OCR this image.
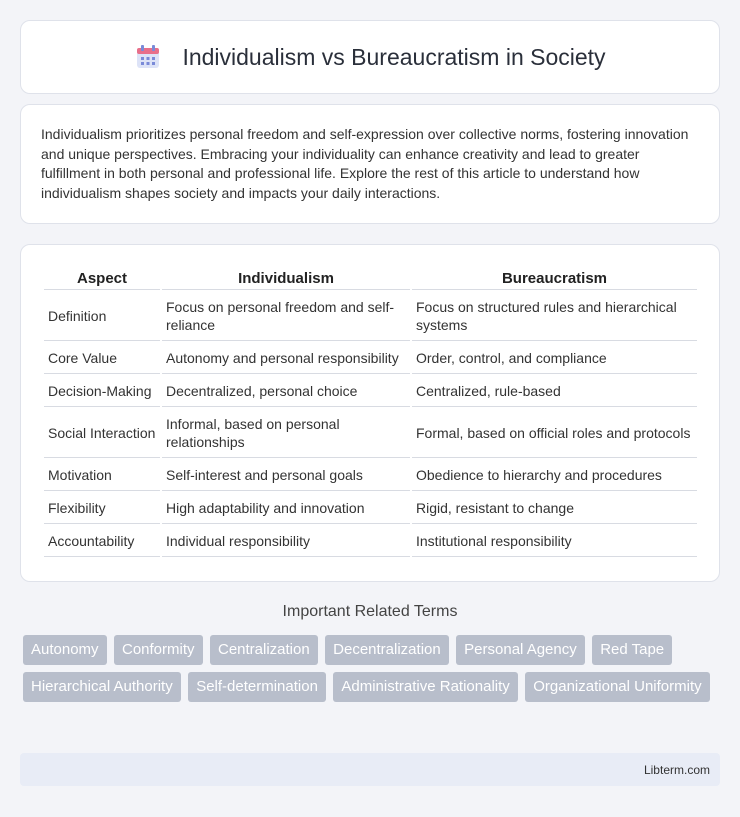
Individualism vs Bureaucratism in Society

Individualism prioritizes personal freedom and self-expression over collective norms, fostering innovation and unique perspectives. Embracing your individuality can enhance creativity and lead to greater fulfillment in both personal and professional life. Explore the rest of this article to understand how individualism shapes society and impacts your daily interactions.

Aspect	Individualism	Bureaucratism
Definition	Focus on personal freedom and self-reliance	Focus on structured rules and hierarchical systems
Core Value	Autonomy and personal responsibility	Order, control, and compliance
Decision-Making	Decentralized, personal choice	Centralized, rule-based
Social Interaction	Informal, based on personal relationships	Formal, based on official roles and protocols
Motivation	Self-interest and personal goals	Obedience to hierarchy and procedures
Flexibility	High adaptability and innovation	Rigid, resistant to change
Accountability	Individual responsibility	Institutional responsibility
Important Related Terms
Autonomy Conformity Centralization Decentralization Personal Agency Red Tape Hierarchical Authority Self-determination Administrative Rationality Organizational Uniformity
Libterm.com
